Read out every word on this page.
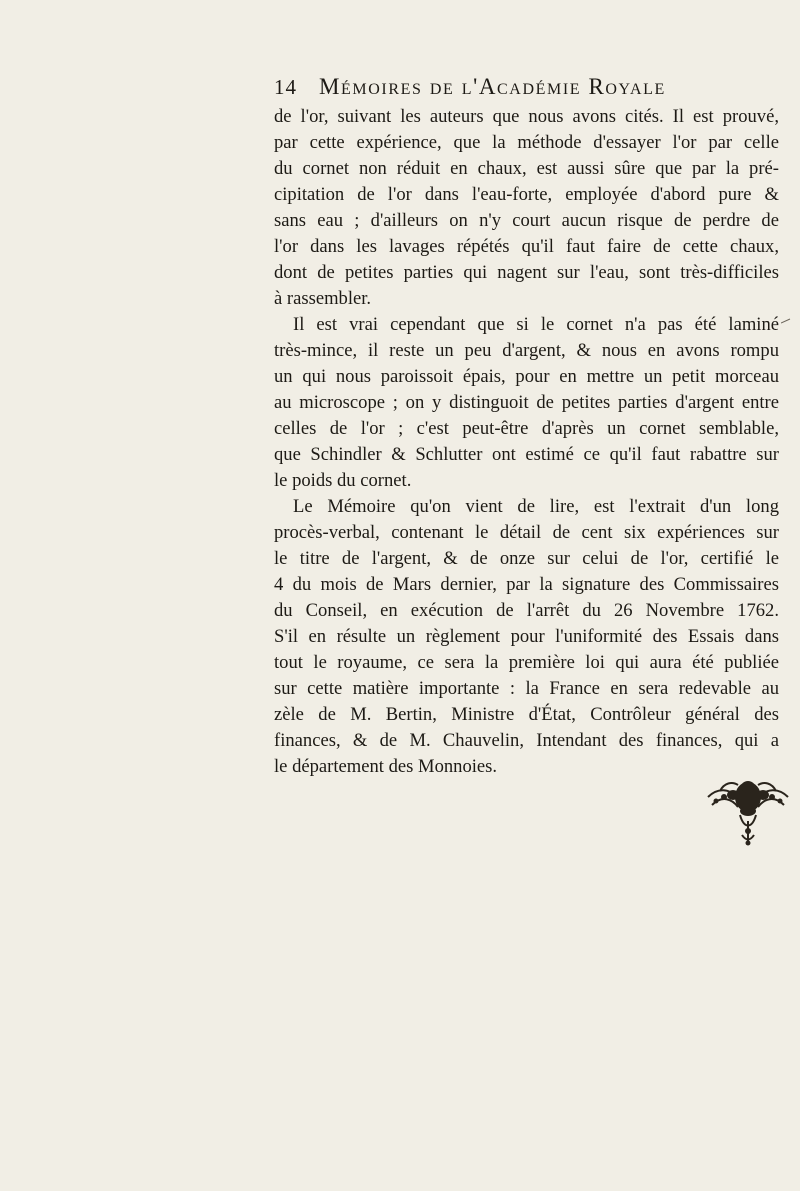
14 Mémoires de l'Académie Royale
de l'or, suivant les auteurs que nous avons cités. Il est prouvé,
par cette expérience, que la méthode d'essayer l'or par celle
du cornet non réduit en chaux, est aussi sûre que par la pré-
cipitation de l'or dans l'eau-forte, employée d'abord pure &
sans eau ; d'ailleurs on n'y court aucun risque de perdre de
l'or dans les lavages répétés qu'il faut faire de cette chaux,
dont de petites parties qui nagent sur l'eau, sont très-difficiles
à rassembler.
Il est vrai cependant que si le cornet n'a pas été laminé
très-mince, il reste un peu d'argent, & nous en avons rompu
un qui nous paroissoit épais, pour en mettre un petit morceau
au microscope ; on y distinguoit de petites parties d'argent entre
celles de l'or ; c'est peut-être d'après un cornet semblable,
que Schindler & Schlutter ont estimé ce qu'il faut rabattre sur
le poids du cornet.
Le Mémoire qu'on vient de lire, est l'extrait d'un long
procès-verbal, contenant le détail de cent six expériences sur
le titre de l'argent, & de onze sur celui de l'or, certifié le
4 du mois de Mars dernier, par la signature des Commissaires
du Conseil, en exécution de l'arrêt du 26 Novembre 1762.
S'il en résulte un règlement pour l'uniformité des Essais dans
tout le royaume, ce sera la première loi qui aura été publiée
sur cette matière importante : la France en sera redevable au
zèle de M. Bertin, Ministre d'État, Contrôleur général des
finances, & de M. Chauvelin, Intendant des finances, qui a
le département des Monnoies.
